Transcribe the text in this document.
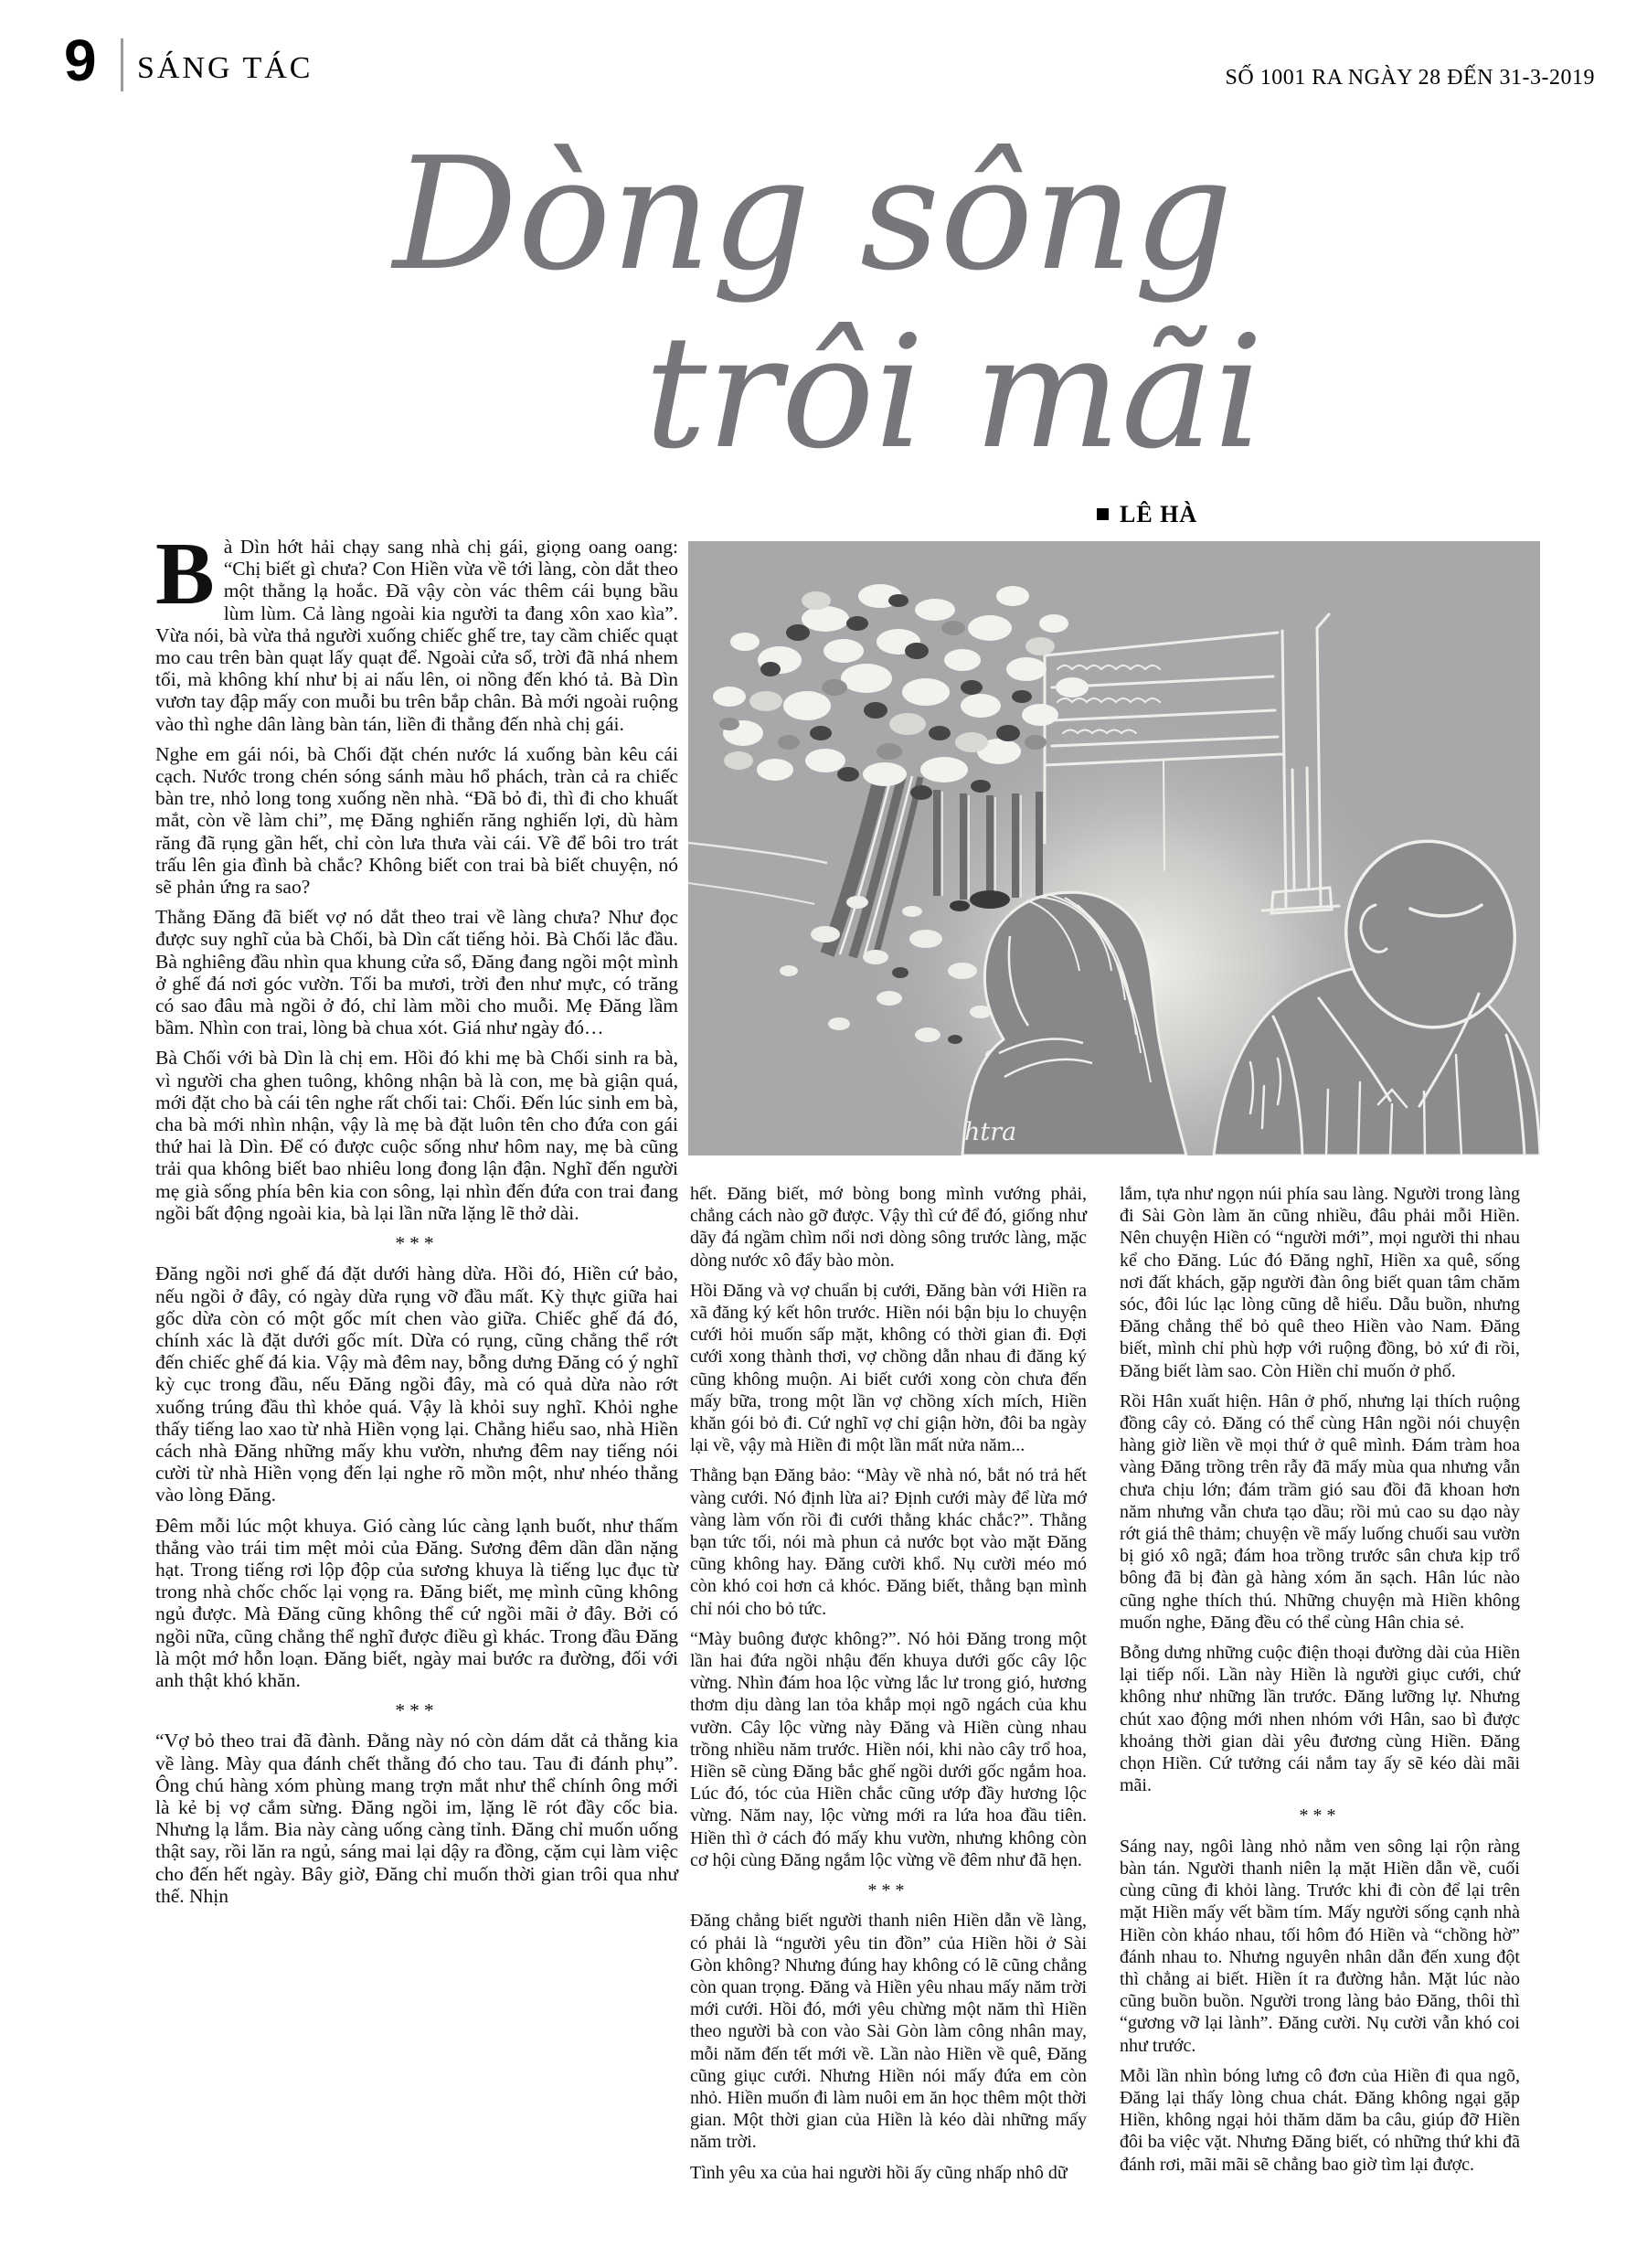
9 SÁNG TÁC	SỐ 1001 RA NGÀY 28 ĐẾN 31-3-2019
Dòng sông
trôi mãi
LÊ HÀ
htra

Bà Dìn hớt hải chạy sang nhà chị gái, giọng oang oang: “Chị biết gì chưa? Con Hiền vừa về tới làng, còn dắt theo một thằng lạ hoắc. Đã vậy còn vác thêm cái bụng bầu lùm lùm. Cả làng ngoài kia người ta đang xôn xao kìa”. Vừa nói, bà vừa thả người xuống chiếc ghế tre, tay cầm chiếc quạt mo cau trên bàn quạt lấy quạt để. Ngoài cửa sổ, trời đã nhá nhem tối, mà không khí như bị ai nấu lên, oi nồng đến khó tả. Bà Dìn vươn tay đập mấy con muỗi bu trên bắp chân. Bà mới ngoài ruộng vào thì nghe dân làng bàn tán, liền đi thẳng đến nhà chị gái.

Nghe em gái nói, bà Chối đặt chén nước lá xuống bàn kêu cái cạch. Nước trong chén sóng sánh màu hổ phách, tràn cả ra chiếc bàn tre, nhỏ long tong xuống nền nhà. “Đã bỏ đi, thì đi cho khuất mắt, còn về làm chi”, mẹ Đăng nghiến răng nghiến lợi, dù hàm răng đã rụng gần hết, chỉ còn lưa thưa vài cái. Về để bôi tro trát trấu lên gia đình bà chắc? Không biết con trai bà biết chuyện, nó sẽ phản ứng ra sao?

Thằng Đăng đã biết vợ nó dắt theo trai về làng chưa? Như đọc được suy nghĩ của bà Chối, bà Dìn cất tiếng hỏi. Bà Chối lắc đầu. Bà nghiêng đầu nhìn qua khung cửa sổ, Đăng đang ngồi một mình ở ghế đá nơi góc vườn. Tối ba mươi, trời đen như mực, có trăng có sao đâu mà ngồi ở đó, chỉ làm mồi cho muỗi. Mẹ Đăng lầm bầm. Nhìn con trai, lòng bà chua xót. Giá như ngày đó…

Bà Chối với bà Dìn là chị em. Hồi đó khi mẹ bà Chối sinh ra bà, vì người cha ghen tuông, không nhận bà là con, mẹ bà giận quá, mới đặt cho bà cái tên nghe rất chối tai: Chối. Đến lúc sinh em bà, cha bà mới nhìn nhận, vậy là mẹ bà đặt luôn tên cho đứa con gái thứ hai là Dìn. Để có được cuộc sống như hôm nay, mẹ bà cũng trải qua không biết bao nhiêu long đong lận đận. Nghĩ đến người mẹ già sống phía bên kia con sông, lại nhìn đến đứa con trai đang ngồi bất động ngoài kia, bà lại lần nữa lặng lẽ thở dài.

***

Đăng ngồi nơi ghế đá đặt dưới hàng dừa. Hồi đó, Hiền cứ bảo, nếu ngồi ở đây, có ngày dừa rụng vỡ đầu mất. Kỳ thực giữa hai gốc dừa còn có một gốc mít chen vào giữa. Chiếc ghế đá đó, chính xác là đặt dưới gốc mít. Dừa có rụng, cũng chẳng thể rớt đến chiếc ghế đá kia. Vậy mà đêm nay, bỗng dưng Đăng có ý nghĩ kỳ cục trong đầu, nếu Đăng ngồi đây, mà có quả dừa nào rớt xuống trúng đầu thì khỏe quá. Vậy là khỏi suy nghĩ. Khỏi nghe thấy tiếng lao xao từ nhà Hiền vọng lại. Chẳng hiểu sao, nhà Hiền cách nhà Đăng những mấy khu vườn, nhưng đêm nay tiếng nói cười từ nhà Hiền vọng đến lại nghe rõ mồn một, như nhéo thẳng vào lòng Đăng.

Đêm mỗi lúc một khuya. Gió càng lúc càng lạnh buốt, như thấm thẳng vào trái tim mệt mỏi của Đăng. Sương đêm dần dần nặng hạt. Trong tiếng rơi lộp độp của sương khuya là tiếng lục đục từ trong nhà chốc chốc lại vọng ra. Đăng biết, mẹ mình cũng không ngủ được. Mà Đăng cũng không thể cứ ngồi mãi ở đây. Bởi có ngồi nữa, cũng chẳng thể nghĩ được điều gì khác. Trong đầu Đăng là một mớ hỗn loạn. Đăng biết, ngày mai bước ra đường, đối với anh thật khó khăn.

***

“Vợ bỏ theo trai đã đành. Đằng này nó còn dám dắt cả thằng kia về làng. Mày qua đánh chết thằng đó cho tau. Tau đi đánh phụ”. Ông chú hàng xóm phùng mang trợn mắt như thể chính ông mới là kẻ bị vợ cắm sừng. Đăng ngồi im, lặng lẽ rót đầy cốc bia. Nhưng lạ lắm. Bia này càng uống càng tỉnh. Đăng chỉ muốn uống thật say, rồi lăn ra ngủ, sáng mai lại dậy ra đồng, cặm cụi làm việc cho đến hết ngày. Bây giờ, Đăng chỉ muốn thời gian trôi qua như thế. Nhịn

hết. Đăng biết, mớ bòng bong mình vướng phải, chẳng cách nào gỡ được. Vậy thì cứ để đó, giống như dãy đá ngầm chìm nổi nơi dòng sông trước làng, mặc dòng nước xô đẩy bào mòn.

Hồi Đăng và vợ chuẩn bị cưới, Đăng bàn với Hiền ra xã đăng ký kết hôn trước. Hiền nói bận bịu lo chuyện cưới hỏi muốn sấp mặt, không có thời gian đi. Đợi cưới xong thành thơi, vợ chồng dẫn nhau đi đăng ký cũng không muộn. Ai biết cưới xong còn chưa đến mấy bữa, trong một lần vợ chồng xích mích, Hiền khăn gói bỏ đi. Cứ nghĩ vợ chỉ giận hờn, đôi ba ngày lại về, vậy mà Hiền đi một lần mất nửa năm...

Thằng bạn Đăng bảo: “Mày về nhà nó, bắt nó trả hết vàng cưới. Nó định lừa ai? Định cưới mày để lừa mớ vàng làm vốn rồi đi cưới thằng khác chắc?”. Thằng bạn tức tối, nói mà phun cả nước bọt vào mặt Đăng cũng không hay. Đăng cười khổ. Nụ cười méo mó còn khó coi hơn cả khóc. Đăng biết, thằng bạn mình chỉ nói cho bỏ tức.

“Mày buông được không?”. Nó hỏi Đăng trong một lần hai đứa ngồi nhậu đến khuya dưới gốc cây lộc vừng. Nhìn đám hoa lộc vừng lắc lư trong gió, hương thơm dịu dàng lan tỏa khắp mọi ngõ ngách của khu vườn. Cây lộc vừng này Đăng và Hiền cùng nhau trồng nhiều năm trước. Hiền nói, khi nào cây trổ hoa, Hiền sẽ cùng Đăng bắc ghế ngồi dưới gốc ngắm hoa. Lúc đó, tóc của Hiền chắc cũng ướp đầy hương lộc vừng. Năm nay, lộc vừng mới ra lứa hoa đầu tiên. Hiền thì ở cách đó mấy khu vườn, nhưng không còn cơ hội cùng Đăng ngắm lộc vừng về đêm như đã hẹn.

***

Đăng chẳng biết người thanh niên Hiền dẫn về làng, có phải là “người yêu tin đồn” của Hiền hồi ở Sài Gòn không? Nhưng đúng hay không có lẽ cũng chẳng còn quan trọng. Đăng và Hiền yêu nhau mấy năm trời mới cưới. Hồi đó, mới yêu chừng một năm thì Hiền theo người bà con vào Sài Gòn làm công nhân may, mỗi năm đến tết mới về. Lần nào Hiền về quê, Đăng cũng giục cưới. Nhưng Hiền nói mấy đứa em còn nhỏ. Hiền muốn đi làm nuôi em ăn học thêm một thời gian. Một thời gian của Hiền là kéo dài những mấy năm trời.

Tình yêu xa của hai người hồi ấy cũng nhấp nhô dữ

lắm, tựa như ngọn núi phía sau làng. Người trong làng đi Sài Gòn làm ăn cũng nhiều, đâu phải mỗi Hiền. Nên chuyện Hiền có “người mới”, mọi người thi nhau kể cho Đăng. Lúc đó Đăng nghĩ, Hiền xa quê, sống nơi đất khách, gặp người đàn ông biết quan tâm chăm sóc, đôi lúc lạc lòng cũng dễ hiểu. Dẫu buồn, nhưng Đăng chẳng thể bỏ quê theo Hiền vào Nam. Đăng biết, mình chỉ phù hợp với ruộng đồng, bỏ xứ đi rồi, Đăng biết làm sao. Còn Hiền chỉ muốn ở phố.

Rồi Hân xuất hiện. Hân ở phố, nhưng lại thích ruộng đồng cây cỏ. Đăng có thể cùng Hân ngồi nói chuyện hàng giờ liền về mọi thứ ở quê mình. Đám tràm hoa vàng Đăng trồng trên rẫy đã mấy mùa qua nhưng vẫn chưa chịu lớn; đám trầm gió sau đồi đã khoan hơn năm nhưng vẫn chưa tạo dầu; rồi mủ cao su dạo này rớt giá thê thảm; chuyện về mấy luống chuối sau vườn bị gió xô ngã; đám hoa trồng trước sân chưa kịp trổ bông đã bị đàn gà hàng xóm ăn sạch. Hân lúc nào cũng nghe thích thú. Những chuyện mà Hiền không muốn nghe, Đăng đều có thể cùng Hân chia sẻ.

Bỗng dưng những cuộc điện thoại đường dài của Hiền lại tiếp nối. Lần này Hiền là người giục cưới, chứ không như những lần trước. Đăng lưỡng lự. Nhưng chút xao động mới nhen nhóm với Hân, sao bì được khoảng thời gian dài yêu đương cùng Hiền. Đăng chọn Hiền. Cứ tưởng cái nắm tay ấy sẽ kéo dài mãi mãi.

***

Sáng nay, ngôi làng nhỏ nằm ven sông lại rộn ràng bàn tán. Người thanh niên lạ mặt Hiền dẫn về, cuối cùng cũng đi khỏi làng. Trước khi đi còn để lại trên mặt Hiền mấy vết bầm tím. Mấy người sống cạnh nhà Hiền còn kháo nhau, tối hôm đó Hiền và “chồng hờ” đánh nhau to. Nhưng nguyên nhân dẫn đến xung đột thì chẳng ai biết. Hiền ít ra đường hẳn. Mặt lúc nào cũng buồn buồn. Người trong làng bảo Đăng, thôi thì “gương vỡ lại lành”. Đăng cười. Nụ cười vẫn khó coi như trước.

Mỗi lần nhìn bóng lưng cô đơn của Hiền đi qua ngõ, Đăng lại thấy lòng chua chát. Đăng không ngại gặp Hiền, không ngại hỏi thăm dăm ba câu, giúp đỡ Hiền đôi ba việc vặt. Nhưng Đăng biết, có những thứ khi đã đánh rơi, mãi mãi sẽ chẳng bao giờ tìm lại được.
